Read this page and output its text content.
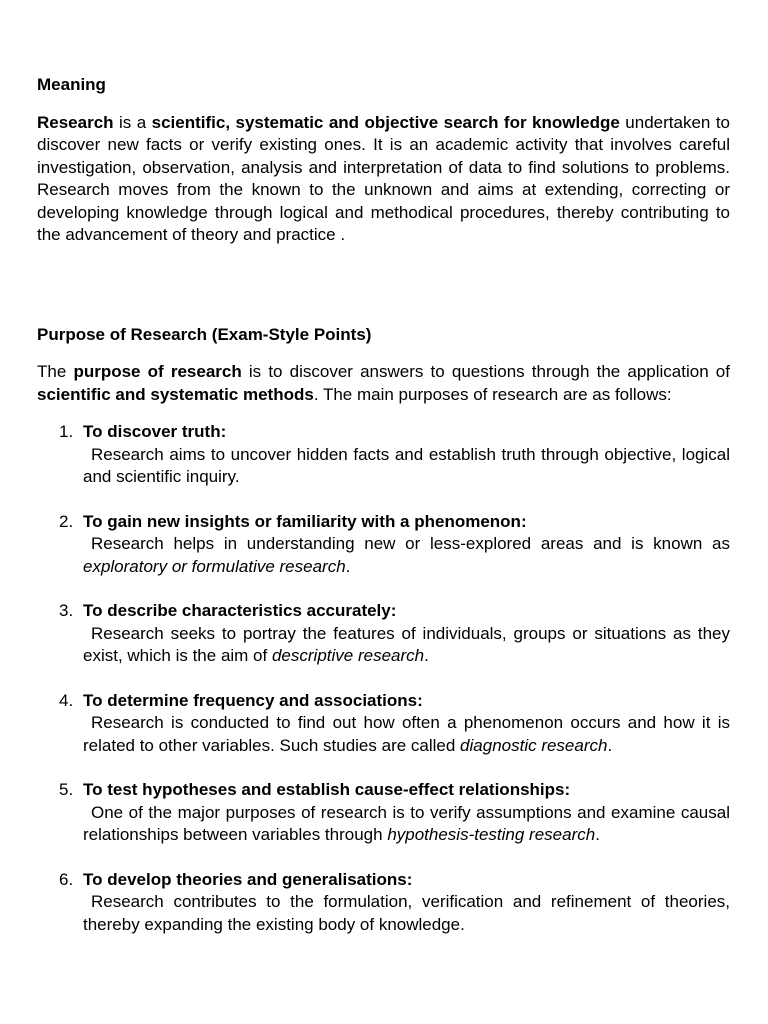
Meaning

Research is a scientific, systematic and objective search for knowledge undertaken to discover new facts or verify existing ones. It is an academic activity that involves careful investigation, observation, analysis and interpretation of data to find solutions to problems. Research moves from the known to the unknown and aims at extending, correcting or developing knowledge through logical and methodical procedures, thereby contributing to the advancement of theory and practice .

Purpose of Research (Exam-Style Points)

The purpose of research is to discover answers to questions through the application of scientific and systematic methods. The main purposes of research are as follows:

1. To discover truth:
Research aims to uncover hidden facts and establish truth through objective, logical and scientific inquiry.
2. To gain new insights or familiarity with a phenomenon:
Research helps in understanding new or less-explored areas and is known as exploratory or formulative research.
3. To describe characteristics accurately:
Research seeks to portray the features of individuals, groups or situations as they exist, which is the aim of descriptive research.
4. To determine frequency and associations:
Research is conducted to find out how often a phenomenon occurs and how it is related to other variables. Such studies are called diagnostic research.
5. To test hypotheses and establish cause-effect relationships:
One of the major purposes of research is to verify assumptions and examine causal relationships between variables through hypothesis-testing research.
6. To develop theories and generalisations:
Research contributes to the formulation, verification and refinement of theories, thereby expanding the existing body of knowledge.
